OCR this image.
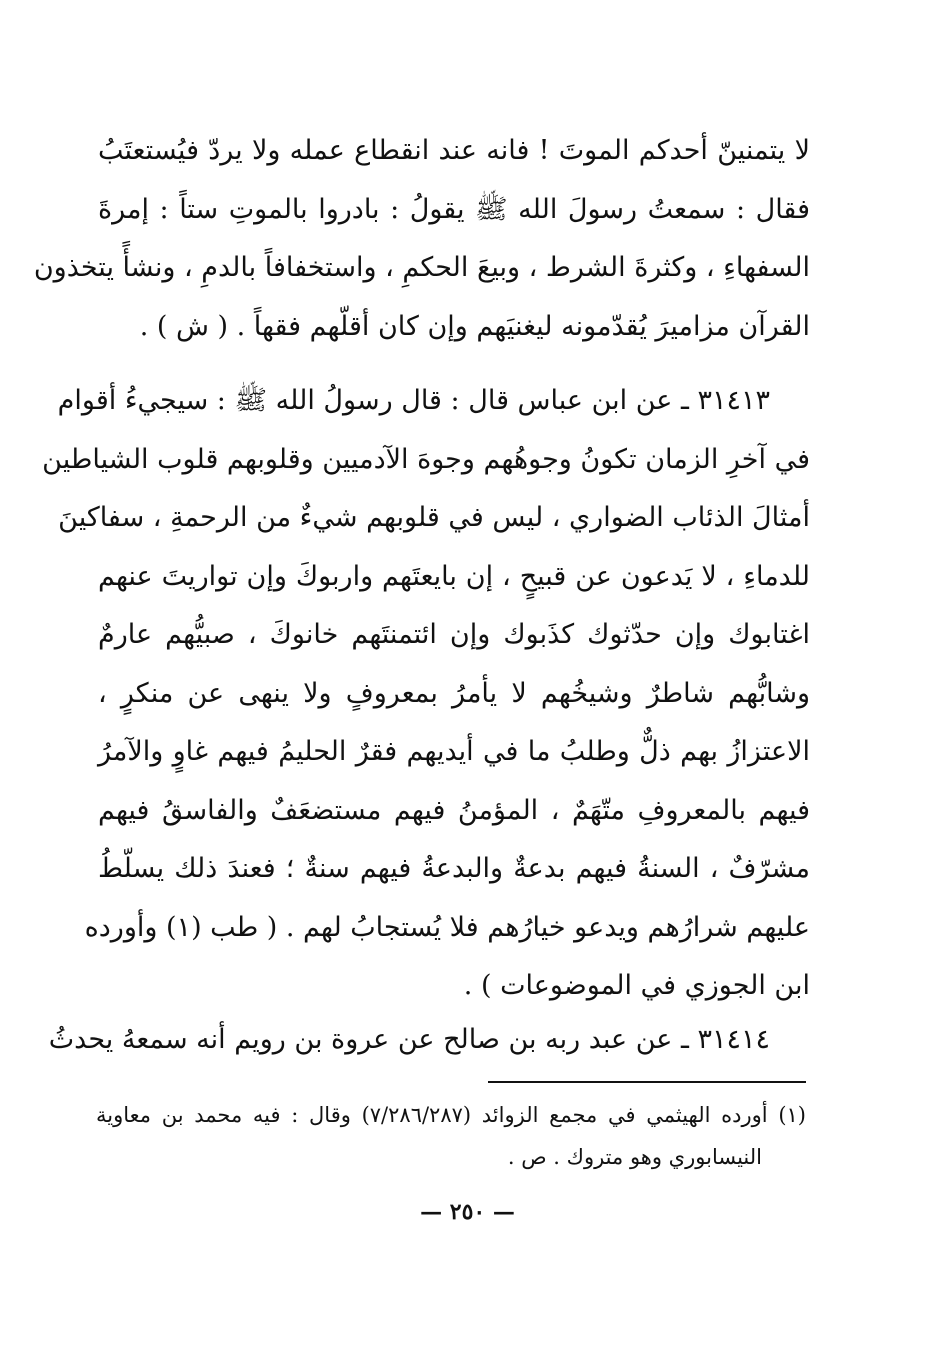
لا يتمنينّ أحدكم الموتَ ! فانه عند انقطاع عمله ولا يردّ فيُستعتَبُ
فقال : سمعتُ رسولَ الله ﷺ يقولُ : بادروا بالموتِ ستاً : إمرةَ
السفهاءِ ، وكثرةَ الشرط ، وبيعَ الحكمِ ، واستخفافاً بالدمِ ، ونشأً يتخذون
القرآن مزاميرَ يُقدّمونه ليغنيَهم وإن كان أقلّهم فقهاً . ( ش ) .
٣١٤١٣ ـ عن ابن عباس قال : قال رسولُ الله ﷺ : سيجيءُ أقوام
في آخرِ الزمان تكونُ وجوهُهم وجوهَ الآدميين وقلوبهم قلوب الشياطين
أمثالَ الذئاب الضواري ، ليس في قلوبهم شيءٌ من الرحمةِ ، سفاكينَ
للدماءِ ، لا يَدعون عن قبيحٍ ، إن بايعتَهم واربوكَ وإن تواريتَ عنهم
اغتابوك وإن حدّثوك كذَبوك وإن ائتمنتَهم خانوكَ ، صبيُّهم عارمٌ
وشابُّهم شاطرٌ وشيخُهم لا يأمرُ بمعروفٍ ولا ينهى عن منكرٍ ،
الاعتزازُ بهم ذلٌّ وطلبُ ما في أيديهم فقرٌ الحليمُ فيهم غاوٍ والآمرُ
فيهم بالمعروفِ متّهَمٌ ، المؤمنُ فيهم مستضعَفٌ والفاسقُ فيهم
مشرّفٌ ، السنةُ فيهم بدعةٌ والبدعةُ فيهم سنةٌ ؛ فعندَ ذلك يسلّطُ
عليهم شرارُهم ويدعو خيارُهم فلا يُستجابُ لهم . ( طب (١) وأورده
ابن الجوزي في الموضوعات ) .
٣١٤١٤ ـ عن عبد ربه بن صالح عن عروة بن رويم أنه سمعهُ يحدثُ
(١) أورده الهيثمي في مجمع الزوائد (٧/٢٨٦/٢٨٧) وقال : فيه محمد بن معاوية
النيسابوري وهو متروك . ص .
— ٢٥٠ —
